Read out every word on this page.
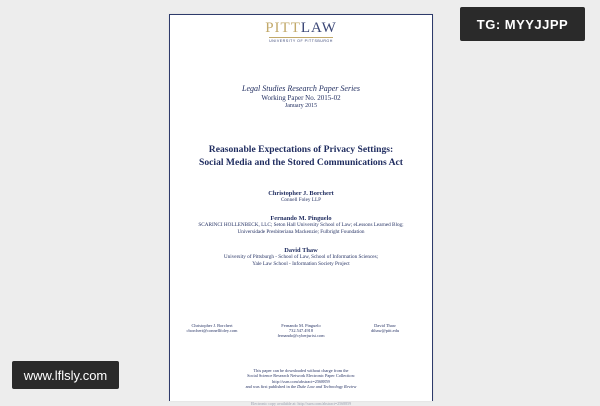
PITTLAW
UNIVERSITY OF PITTSBURGH
Legal Studies Research Paper Series
Working Paper No. 2015-02
January 2015
Reasonable Expectations of Privacy Settings:
Social Media and the Stored Communications Act
Christopher J. Borchert
Connell Foley LLP
Fernando M. Pinguelo
SCARINCI HOLLENBECK, LLC; Seton Hall University School of Law; eLessons Learned Blog;
Universidade Presbiteriana Mackenzie; Fulbright Foundation
David Thaw
University of Pittsburgh - School of Law, School of Information Sciences;
Yale Law School - Information Society Project
Christopher J. Borchert
cborchert@connellfoley.com
Fernando M. Pinguelo
732.547.4918
fernando@cyberjurist.com
David Thaw
dthaw@pitt.edu
This paper can be downloaded without charge from the
Social Science Research Network Electronic Paper Collection:
http://ssrn.com/abstract=2568859
and was first published in the Duke Law and Technology Review
Electronic copy available at: http://ssrn.com/abstract=2568859
TG: MYYJJPP
www.lflsly.com
